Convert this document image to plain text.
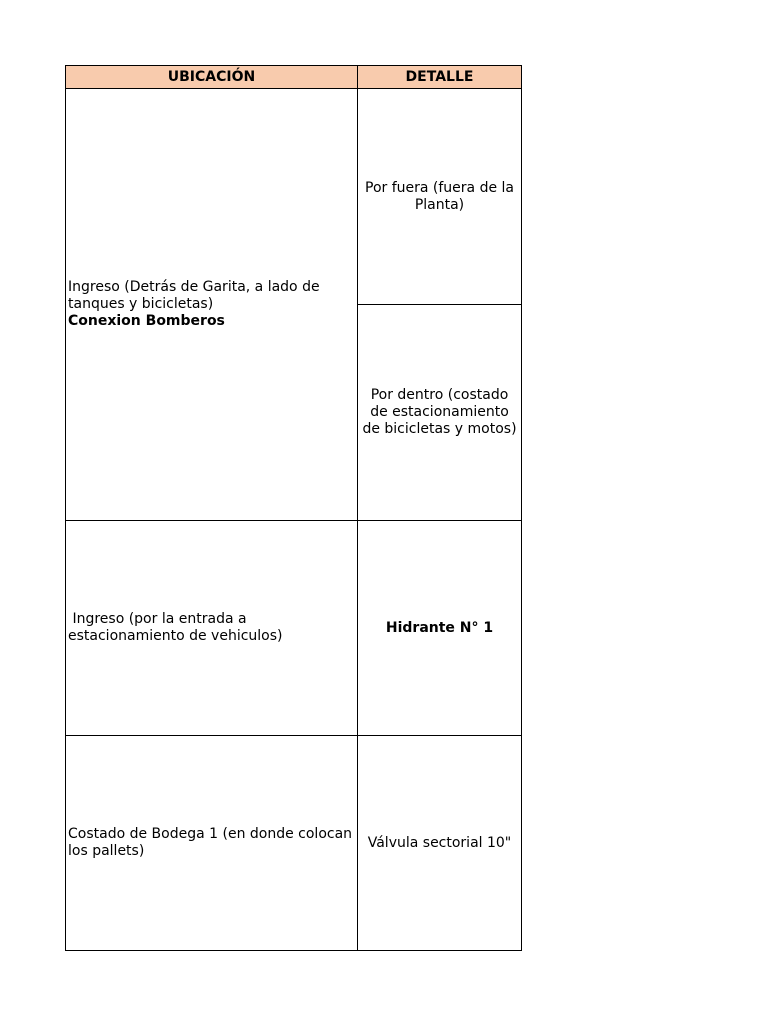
UBICACIÓN	DETALLE

Ingreso (Detrás de Garita, a lado de tanques y bicicletas)
Conexion Bomberos	Por fuera (fuera de la Planta)
	Por dentro (costado de estacionamiento de bicicletas y motos)
Ingreso (por la entrada a estacionamiento de vehiculos)	Hidrante N° 1
Costado de Bodega 1 (en donde colocan los pallets)	Válvula sectorial 10"
